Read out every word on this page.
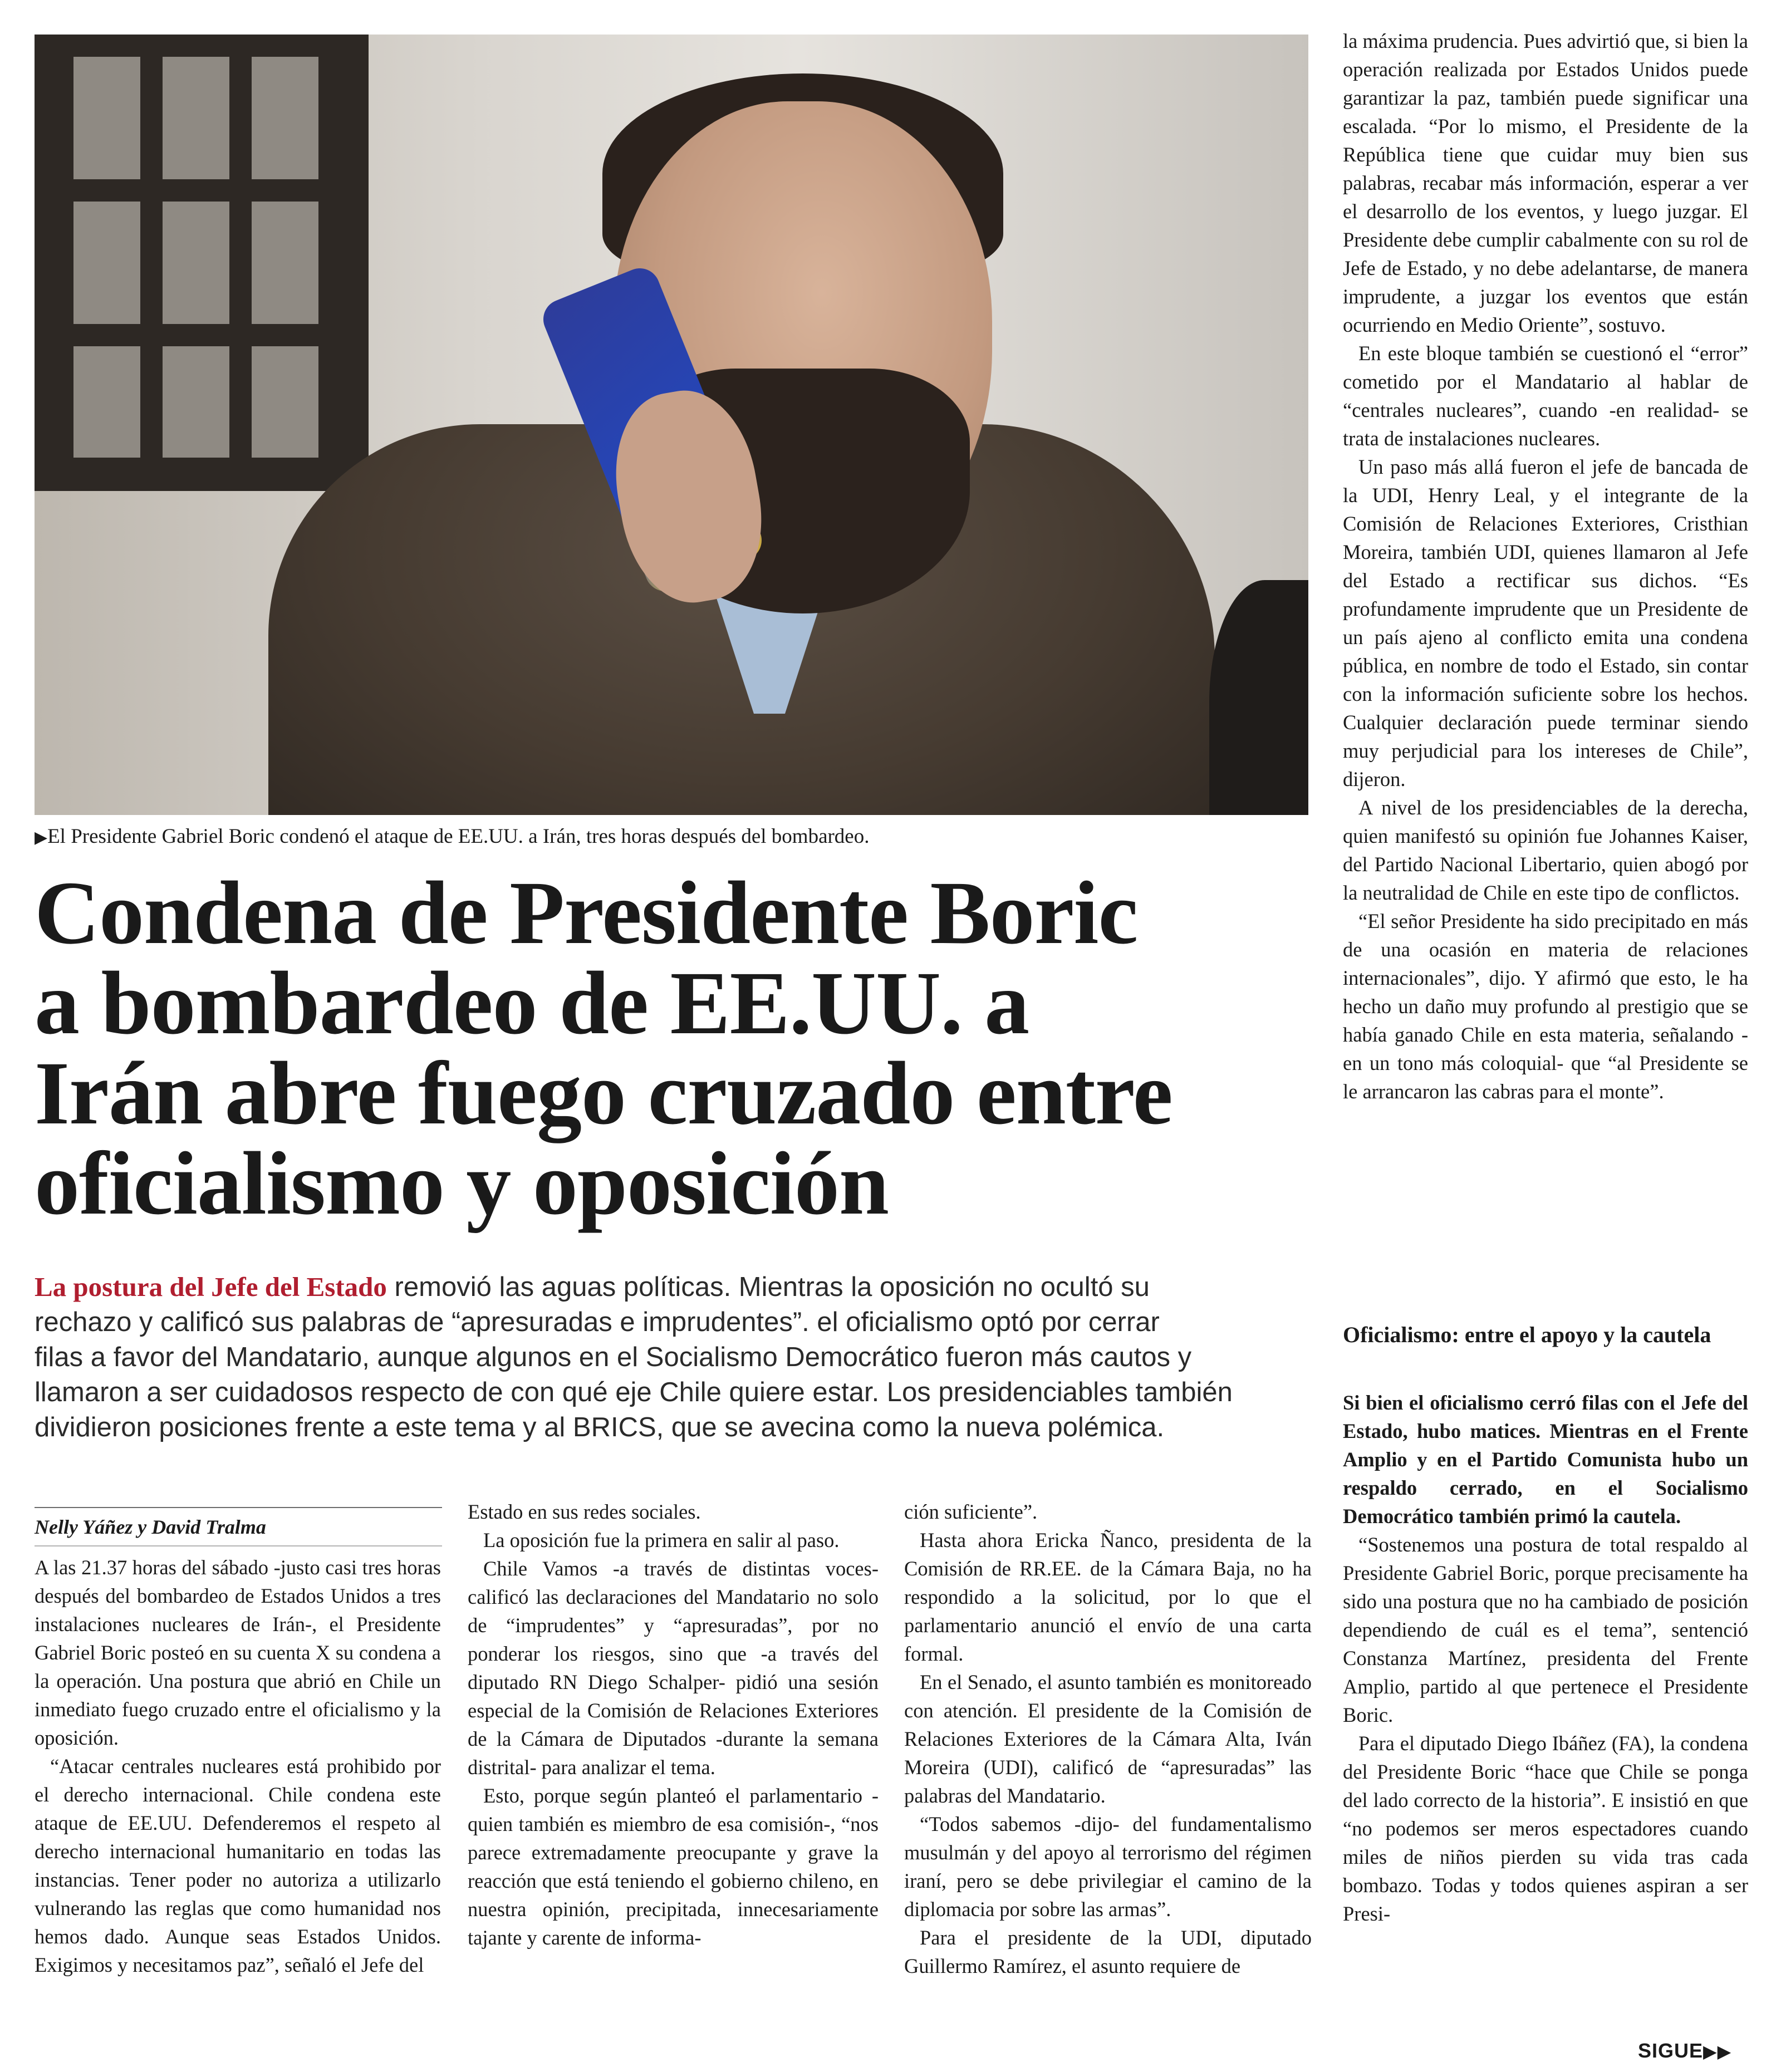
▶El Presidente Gabriel Boric condenó el ataque de EE.UU. a Irán, tres horas después del bombardeo.
Condena de Presidente Boric
a bombardeo de EE.UU. a
Irán abre fuego cruzado entre
oficialismo y oposición
La postura del Jefe del Estado removió las aguas políticas. Mientras la oposición no ocultó su
rechazo y calificó sus palabras de “apresuradas e imprudentes”. el oficialismo optó por cerrar
filas a favor del Mandatario, aunque algunos en el Socialismo Democrático fueron más cautos y
llamaron a ser cuidadosos respecto de con qué eje Chile quiere estar. Los presidenciables también
dividieron posiciones frente a este tema y al BRICS, que se avecina como la nueva polémica.
Nelly Yáñez y David Tralma

A las 21.37 horas del sábado -justo casi tres horas después del bombardeo de Estados Unidos a tres instalaciones nucleares de Irán-, el Presidente Gabriel Boric posteó en su cuenta X su condena a la operación. Una postura que abrió en Chile un inmediato fuego cruzado entre el oficialismo y la oposición.

“Atacar centrales nucleares está prohibido por el derecho internacional. Chile condena este ataque de EE.UU. Defenderemos el respeto al derecho internacional humanitario en todas las instancias. Tener poder no autoriza a utilizarlo vulnerando las reglas que como humanidad nos hemos dado. Aunque seas Estados Unidos. Exigimos y necesitamos paz”, señaló el Jefe del

Estado en sus redes sociales.

La oposición fue la primera en salir al paso.

Chile Vamos -a través de distintas voces- calificó las declaraciones del Mandatario no solo de “imprudentes” y “apresuradas”, por no ponderar los riesgos, sino que -a través del diputado RN Diego Schalper- pidió una sesión especial de la Comisión de Relaciones Exteriores de la Cámara de Diputados -durante la semana distrital- para analizar el tema.

Esto, porque según planteó el parlamentario -quien también es miembro de esa comisión-, “nos parece extremadamente preocupante y grave la reacción que está teniendo el gobierno chileno, en nuestra opinión, precipitada, innecesariamente tajante y carente de informa-

ción suficiente”.

Hasta ahora Ericka Ñanco, presidenta de la Comisión de RR.EE. de la Cámara Baja, no ha respondido a la solicitud, por lo que el parlamentario anunció el envío de una carta formal.

En el Senado, el asunto también es monitoreado con atención. El presidente de la Comisión de Relaciones Exteriores de la Cámara Alta, Iván Moreira (UDI), calificó de “apresuradas” las palabras del Mandatario.

“Todos sabemos -dijo- del fundamentalismo musulmán y del apoyo al terrorismo del régimen iraní, pero se debe privilegiar el camino de la diplomacia por sobre las armas”.

Para el presidente de la UDI, diputado Guillermo Ramírez, el asunto requiere de

la máxima prudencia. Pues advirtió que, si bien la operación realizada por Estados Unidos puede garantizar la paz, también puede significar una escalada. “Por lo mismo, el Presidente de la República tiene que cuidar muy bien sus palabras, recabar más información, esperar a ver el desarrollo de los eventos, y luego juzgar. El Presidente debe cumplir cabalmente con su rol de Jefe de Estado, y no debe adelantarse, de manera imprudente, a juzgar los eventos que están ocurriendo en Medio Oriente”, sostuvo.

En este bloque también se cuestionó el “error” cometido por el Mandatario al hablar de “centrales nucleares”, cuando -en realidad- se trata de instalaciones nucleares.

Un paso más allá fueron el jefe de bancada de la UDI, Henry Leal, y el integrante de la Comisión de Relaciones Exteriores, Cristhian Moreira, también UDI, quienes llamaron al Jefe del Estado a rectificar sus dichos. “Es profundamente imprudente que un Presidente de un país ajeno al conflicto emita una condena pública, en nombre de todo el Estado, sin contar con la información suficiente sobre los hechos. Cualquier declaración puede terminar siendo muy perjudicial para los intereses de Chile”, dijeron.

A nivel de los presidenciables de la derecha, quien manifestó su opinión fue Johannes Kaiser, del Partido Nacional Libertario, quien abogó por la neutralidad de Chile en este tipo de conflictos.

“El señor Presidente ha sido precipitado en más de una ocasión en materia de relaciones internacionales”, dijo. Y afirmó que esto, le ha hecho un daño muy profundo al prestigio que se había ganado Chile en esta materia, señalando -en un tono más coloquial- que “al Presidente se le arrancaron las cabras para el monte”.

Oficialismo: entre el apoyo y la cautela

Si bien el oficialismo cerró filas con el Jefe del Estado, hubo matices. Mientras en el Frente Amplio y en el Partido Comunista hubo un respaldo cerrado, en el Socialismo Democrático también primó la cautela.

“Sostenemos una postura de total respaldo al Presidente Gabriel Boric, porque precisamente ha sido una postura que no ha cambiado de posición dependiendo de cuál es el tema”, sentenció Constanza Martínez, presidenta del Frente Amplio, partido al que pertenece el Presidente Boric.

Para el diputado Diego Ibáñez (FA), la condena del Presidente Boric “hace que Chile se ponga del lado correcto de la historia”. E insistió en que “no podemos ser meros espectadores cuando miles de niños pierden su vida tras cada bombazo. Todas y todos quienes aspiran a ser Presi-

SIGUE▶▶
